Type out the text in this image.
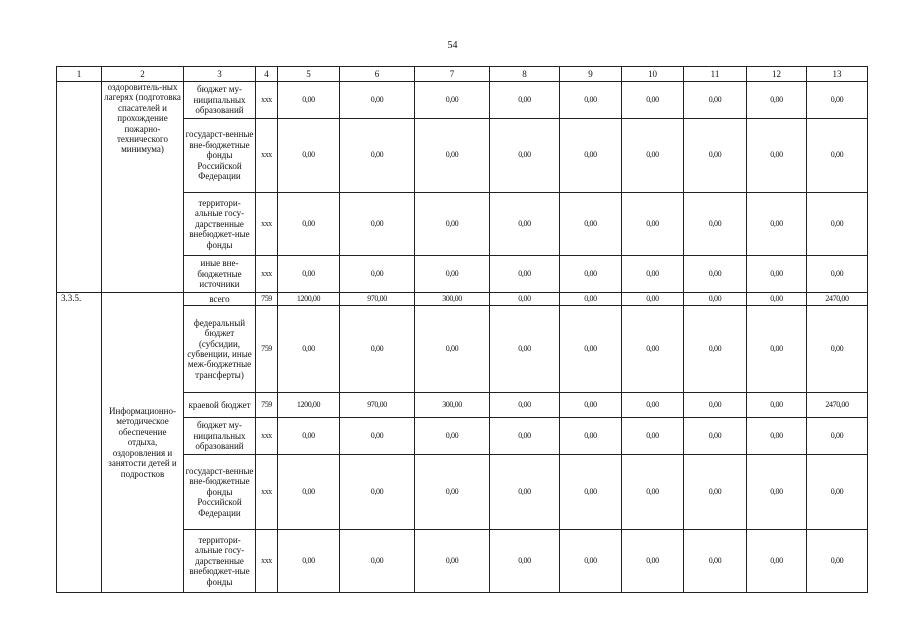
54
1	2	3	4	5	6	7	8	9	10	11	12	13
	оздоровитель-ных лагерях (подготовка спасателей и прохождение пожарно-технического минимума)	бюджет му-ниципальных образований	ххх	0,00	0,00	0,00	0,00	0,00	0,00	0,00	0,00	0,00
		государст-венные вне-бюджетные фонды Российской Федерации	ххх	0,00	0,00	0,00	0,00	0,00	0,00	0,00	0,00	0,00
		территори-альные госу-дарственные внебюджет-ные фонды	ххх	0,00	0,00	0,00	0,00	0,00	0,00	0,00	0,00	0,00
		иные вне-бюджетные источники	ххх	0,00	0,00	0,00	0,00	0,00	0,00	0,00	0,00	0,00
3.3.5.	Информационно-методическое обеспечение отдыха, оздоровления и занятости детей и подростков	всего	759	1200,00	970,00	300,00	0,00	0,00	0,00	0,00	0,00	2470,00
		федеральный бюджет (субсидии, субвенции, иные меж-бюджетные трансферты)	759	0,00	0,00	0,00	0,00	0,00	0,00	0,00	0,00	0,00
		краевой бюджет	759	1200,00	970,00	300,00	0,00	0,00	0,00	0,00	0,00	2470,00
		бюджет му-ниципальных образований	ххх	0,00	0,00	0,00	0,00	0,00	0,00	0,00	0,00	0,00
		государст-венные вне-бюджетные фонды Российской Федерации	ххх	0,00	0,00	0,00	0,00	0,00	0,00	0,00	0,00	0,00
		территори-альные госу-дарственные внебюджет-ные фонды	ххх	0,00	0,00	0,00	0,00	0,00	0,00	0,00	0,00	0,00
